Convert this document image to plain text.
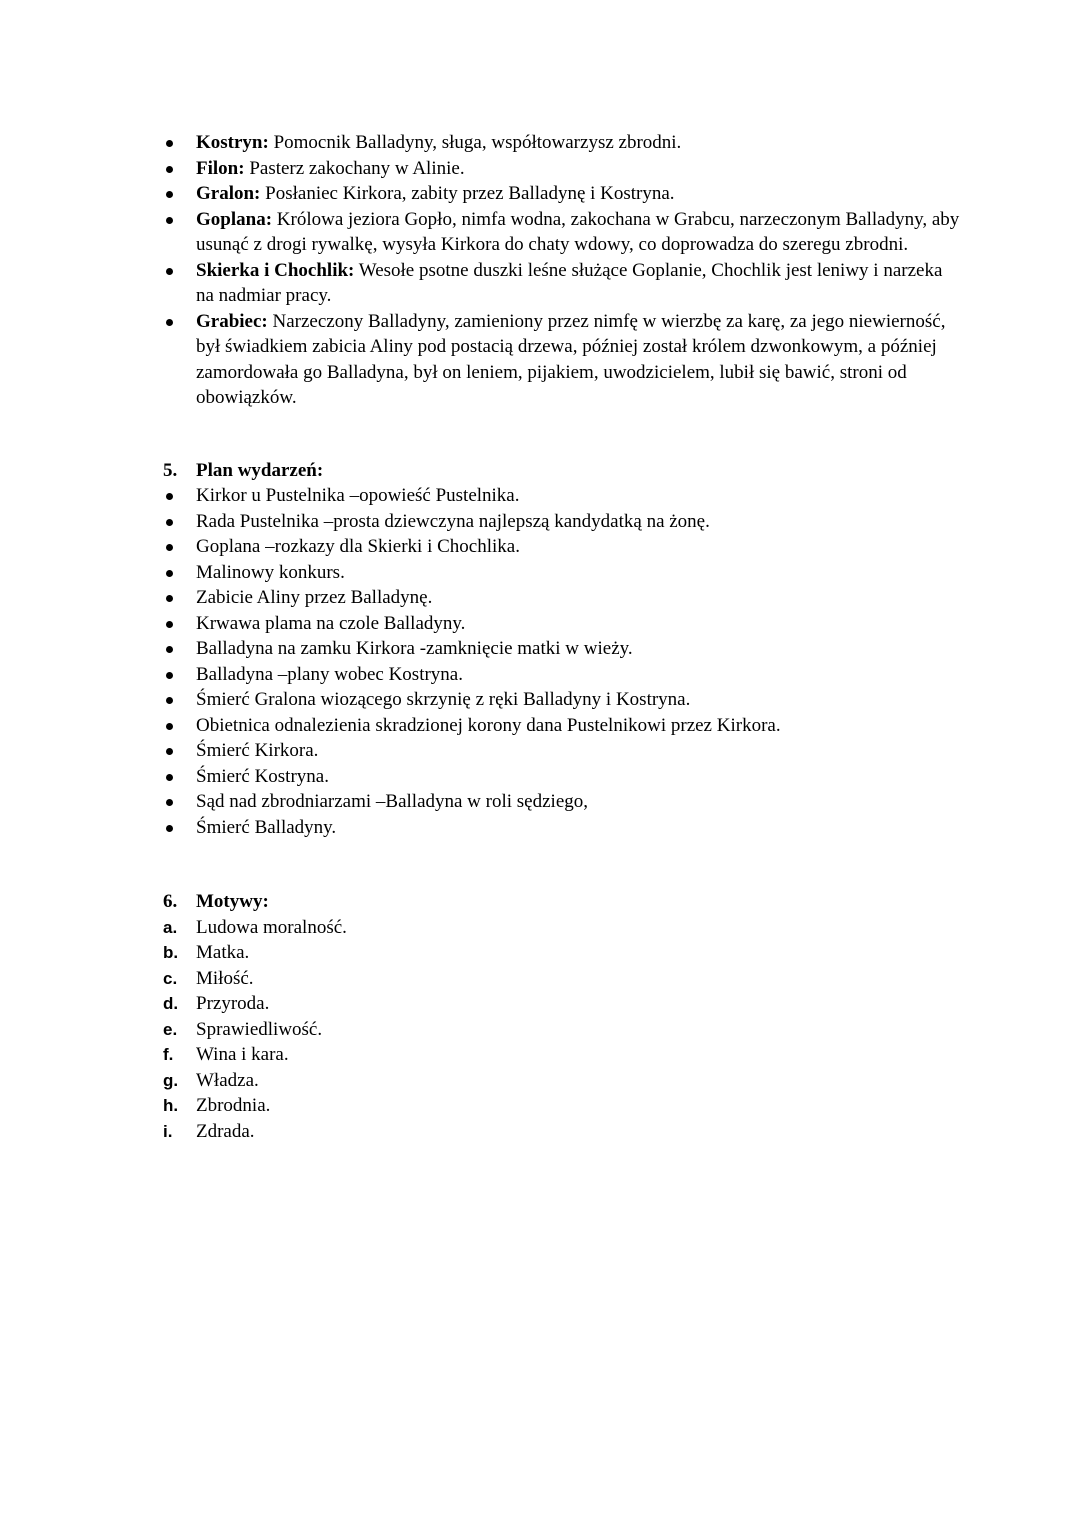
Kostryn: Pomocnik Balladyny, sługa, współtowarzysz zbrodni.
Filon: Pasterz zakochany w Alinie.
Gralon: Posłaniec Kirkora, zabity przez Balladynę i Kostryna.
Goplana: Królowa jeziora Gopło, nimfa wodna, zakochana w Grabcu, narzeczonym Balladyny, aby usunąć z drogi rywalkę, wysyła Kirkora do chaty wdowy, co doprowadza do szeregu zbrodni.
Skierka i Chochlik: Wesołe psotne duszki leśne służące Goplanie, Chochlik jest leniwy i narzeka na nadmiar pracy.
Grabiec: Narzeczony Balladyny, zamieniony przez nimfę w wierzbę za karę, za jego niewierność, był świadkiem zabicia Aliny pod postacią drzewa, później został królem dzwonkowym, a później zamordowała go Balladyna, był on leniem, pijakiem, uwodzicielem, lubił się bawić, stroni od obowiązków.
5. Plan wydarzeń:
Kirkor u Pustelnika –opowieść Pustelnika.
Rada Pustelnika –prosta dziewczyna najlepszą kandydatką na żonę.
Goplana –rozkazy dla Skierki i Chochlika.
Malinowy konkurs.
Zabicie Aliny przez Balladynę.
Krwawa plama na czole Balladyny.
Balladyna na zamku Kirkora -zamknięcie matki w wieży.
Balladyna –plany wobec Kostryna.
Śmierć Gralona wiozącego skrzynię z ręki Balladyny i Kostryna.
Obietnica odnalezienia skradzionej korony dana Pustelnikowi przez Kirkora.
Śmierć Kirkora.
Śmierć Kostryna.
Sąd nad zbrodniarzami –Balladyna w roli sędziego,
Śmierć Balladyny.
6. Motywy:
a. Ludowa moralność.
b. Matka.
c. Miłość.
d. Przyroda.
e. Sprawiedliwość.
f. Wina i kara.
g. Władza.
h. Zbrodnia.
i. Zdrada.
